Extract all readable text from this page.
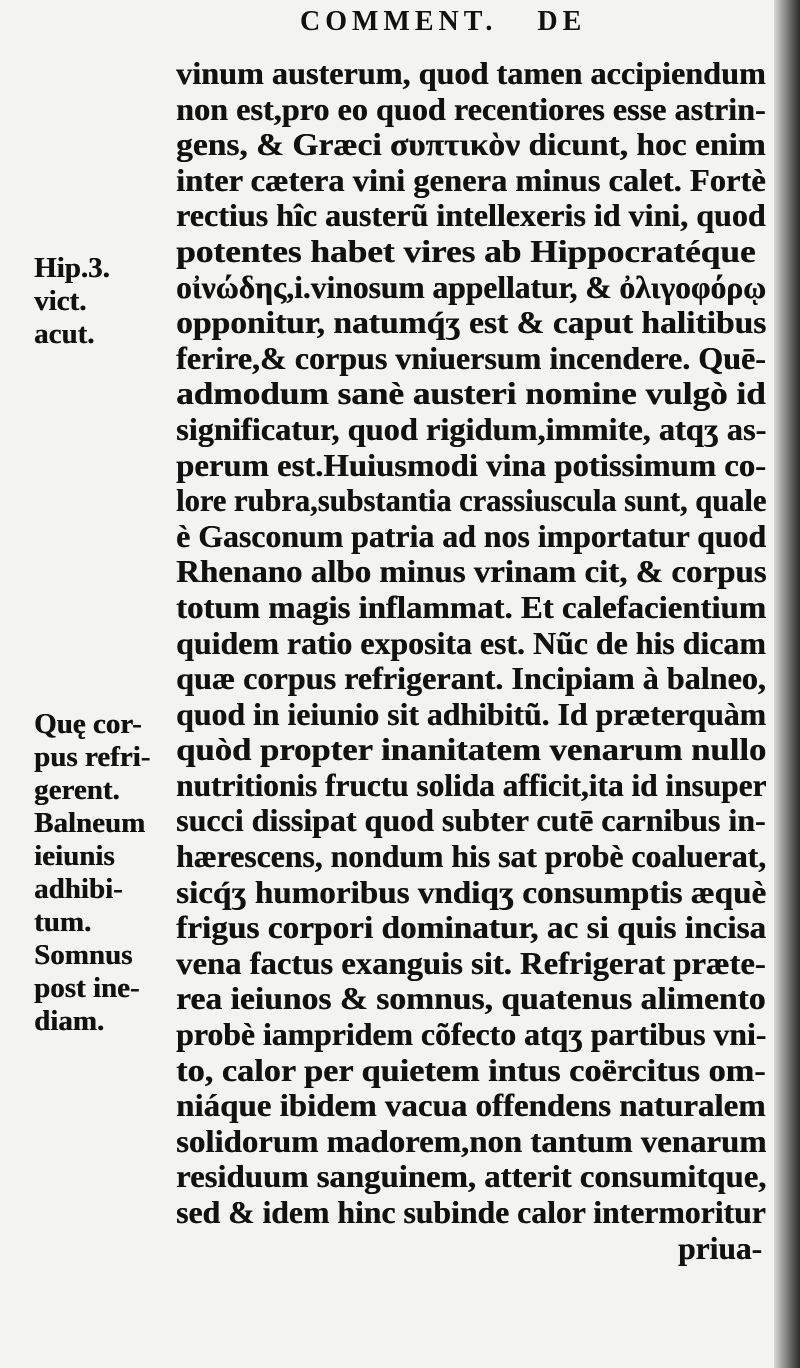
COMMENT. DE
Hip.3.
vict.
acut.
Quę cor-
pus refri-
gerent.
Balneum
ieiunis
adhibi-
tum.
Somnus
post ine-
diam.
vinum austerum, quod tamen accipiendum
non est,pro eo quod recentiores esse astrin-
gens, & Græci συπτικὸν dicunt, hoc enim
inter cætera vini genera minus calet. Fortè
rectius hîc austerũ intellexeris id vini, quod
potentes habet vires ab Hippocratéque
οἰνώδης,i.vinosum appellatur, & ὀλιγοφόρῳ
opponitur, natumq́ʒ est & caput halitibus
ferire,& corpus vniuersum incendere. Quē-
admodum sanè austeri nomine vulgò id
significatur, quod rigidum,immite, atqʒ as-
perum est.Huiusmodi vina potissimum co-
lore rubra,substantia crassiuscula sunt, quale
è Gasconum patria ad nos importatur quod
Rhenano albo minus vrinam cit, & corpus
totum magis inflammat. Et calefacientium
quidem ratio exposita est. Nũc de his dicam
quæ corpus refrigerant. Incipiam à balneo,
quod in ieiunio sit adhibitũ. Id præterquàm
quòd propter inanitatem venarum nullo
nutritionis fructu solida afficit,ita id insuper
succi dissipat quod subter cutē carnibus in-
hærescens, nondum his sat probè coaluerat,
sicq́ʒ humoribus vndiqʒ consumptis æquè
frigus corpori dominatur, ac si quis incisa
vena factus exanguis sit. Refrigerat præte-
rea ieiunos & somnus, quatenus alimento
probè iampridem cõfecto atqʒ partibus vni-
to, calor per quietem intus coërcitus om-
niáque ibidem vacua offendens naturalem
solidorum madorem,non tantum venarum
residuum sanguinem, atterit consumitque,
sed & idem hinc subinde calor intermoritur
priua-
